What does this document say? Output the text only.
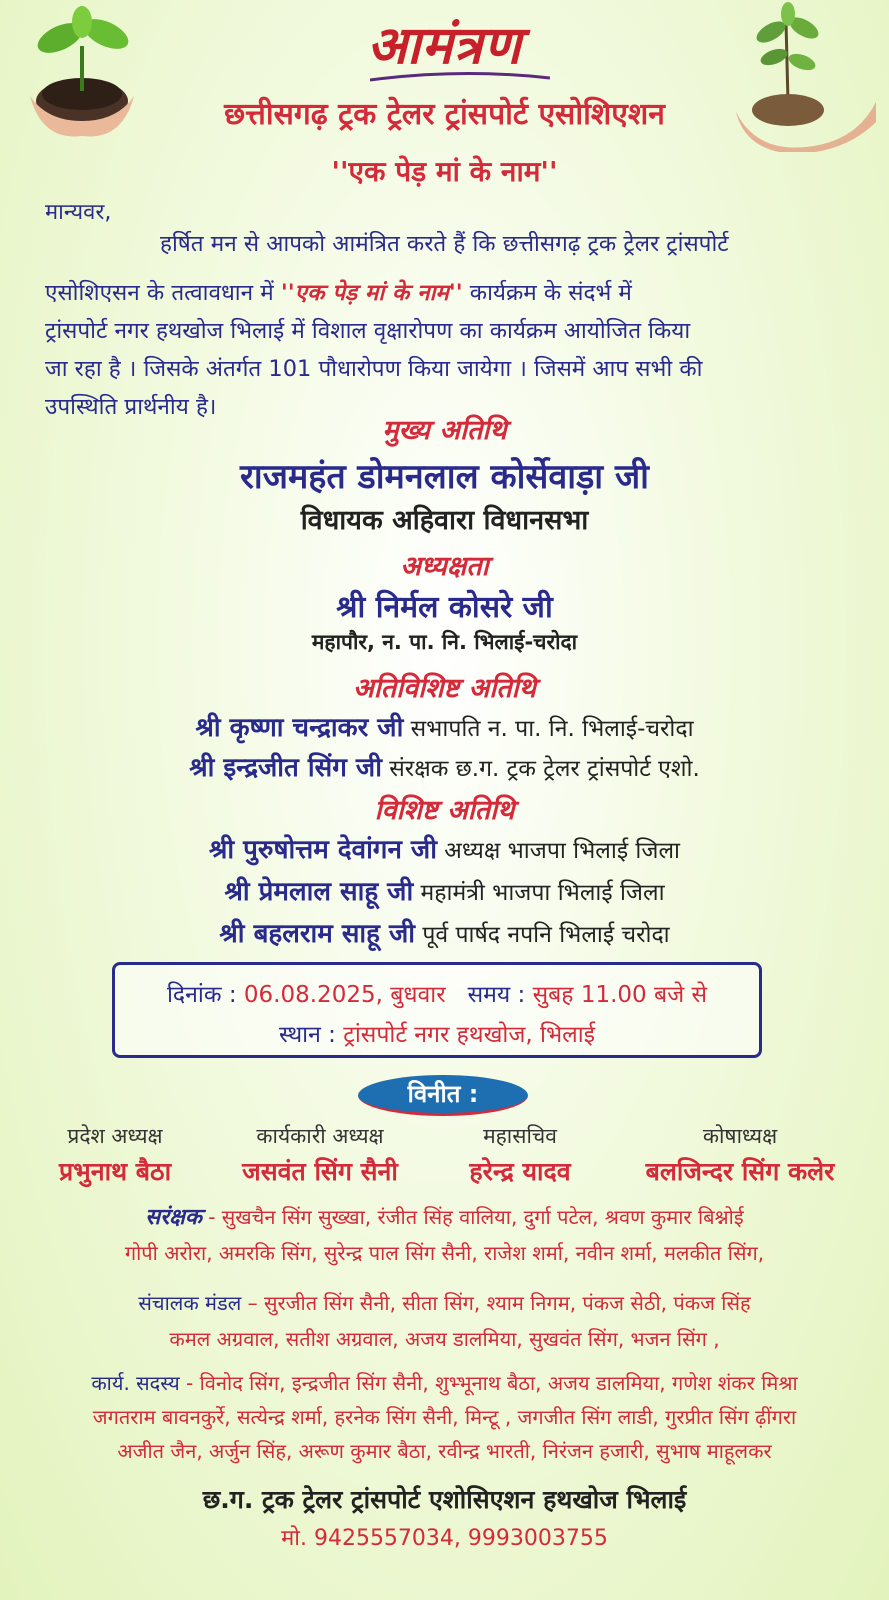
आमंत्रण
छत्तीसगढ़ ट्रक ट्रेलर ट्रांसपोर्ट एसोशिएशन
''एक पेड़ मां के नाम''
मान्यवर,
हर्षित मन से आपको आमंत्रित करते हैं कि छत्तीसगढ़ ट्रक ट्रेलर ट्रांसपोर्ट
एसोशिएसन के तत्वावधान में ''एक पेड़ मां के नाम'' कार्यक्रम के संदर्भ में
ट्रांसपोर्ट नगर हथखोज भिलाई में विशाल वृक्षारोपण का कार्यक्रम आयोजित किया
जा रहा है । जिसके अंतर्गत 101 पौधारोपण किया जायेगा । जिसमें आप सभी की
उपस्थिति प्रार्थनीय है।
मुख्य अतिथि
राजमहंत डोमनलाल कोर्सेवाड़ा जी
विधायक अहिवारा विधानसभा
अध्यक्षता
श्री निर्मल कोसरे जी
महापौर, न. पा. नि. भिलाई-चरोदा
अतिविशिष्ट अतिथि
श्री कृष्णा चन्द्राकर जी सभापति न. पा. नि. भिलाई-चरोदा
श्री इन्द्रजीत सिंग जी संरक्षक छ.ग. ट्रक ट्रेलर ट्रांसपोर्ट एशो.
विशिष्ट अतिथि
श्री पुरुषोत्तम देवांगन जी अध्यक्ष भाजपा भिलाई जिला
श्री प्रेमलाल साहू जी महामंत्री भाजपा भिलाई जिला
श्री बहलराम साहू जी पूर्व पार्षद नपनि भिलाई चरोदा
दिनांक : 06.08.2025, बुधवार समय : सुबह 11.00 बजे से
स्थान : ट्रांसपोर्ट नगर हथखोज, भिलाई
विनीत :
प्रदेश अध्यक्ष
प्रभुनाथ बैठा
कार्यकारी अध्यक्ष
जसवंत सिंग सैनी
महासचिव
हरेन्द्र यादव
कोषाध्यक्ष
बलजिन्दर सिंग कलेर
सरंक्षक - सुखचैन सिंग सुख्खा, रंजीत सिंह वालिया, दुर्गा पटेल, श्रवण कुमार बिश्नोई
गोपी अरोरा, अमरकि सिंग, सुरेन्द्र पाल सिंग सैनी, राजेश शर्मा, नवीन शर्मा, मलकीत सिंग,
संचालक मंडल – सुरजीत सिंग सैनी, सीता सिंग, श्याम निगम, पंकज सेठी, पंकज सिंह
कमल अग्रवाल, सतीश अग्रवाल, अजय डालमिया, सुखवंत सिंग, भजन सिंग ,
कार्य. सदस्य - विनोद सिंग, इन्द्रजीत सिंग सैनी, शुभ्भूनाथ बैठा, अजय डालमिया, गणेश शंकर मिश्रा
जगतराम बावनकुर्रे, सत्येन्द्र शर्मा, हरनेक सिंग सैनी, मिन्टू , जगजीत सिंग लाडी, गुरप्रीत सिंग ढ़ींगरा
अजीत जैन, अर्जुन सिंह, अरूण कुमार बैठा, रवीन्द्र भारती, निरंजन हजारी, सुभाष माहूलकर
छ.ग. ट्रक ट्रेलर ट्रांसपोर्ट एशोसिएशन हथखोज भिलाई
मो. 9425557034, 9993003755
